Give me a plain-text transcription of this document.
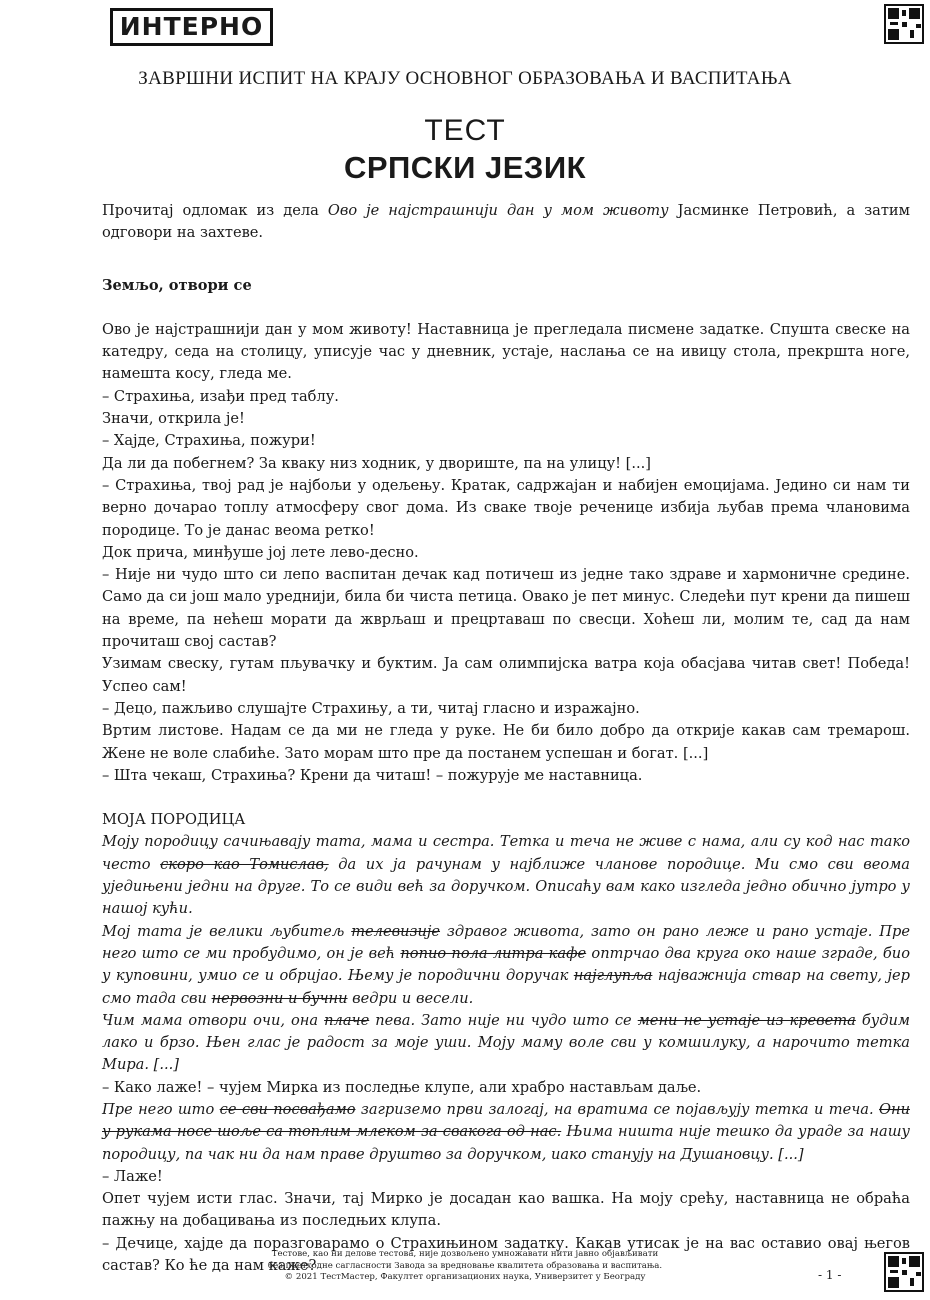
ИНТЕРНО
ЗАВРШНИ ИСПИТ НА КРАЈУ ОСНОВНОГ ОБРАЗОВАЊА И ВАСПИТАЊА
ТЕСТ
СРПСКИ ЈЕЗИК

Прочитај одломак из дела Ово је најстрашнији дан у мом животу Јасминке Петровић, а затим одговори на захтеве.

Земљо, отвори се

Ово је најстрашнији дан у мом животу! Наставница је прегледала писмене задатке. Спушта свеске на катедру, седа на столицу, уписује час у дневник, устаје, наслања се на ивицу стола, прекршта ноге, намешта косу, гледа ме.

– Страхиња, изађи пред таблу.

Значи, открила је!

– Хајде, Страхиња, пожури!

Да ли да побегнем? За кваку низ ходник, у двориште, па на улицу! [...]

– Страхиња, твој рад је најбољи у одељењу. Кратак, садржајан и набијен емоцијама. Једино си нам ти верно дочарао топлу атмосферу свог дома. Из сваке твоје реченице избија љубав према члановима породице. То је данас веома ретко!

Док прича, минђуше јој лете лево-десно.

– Није ни чудо што си лепо васпитан дечак кад потичеш из једне тако здраве и хармоничне средине. Само да си још мало уреднији, била би чиста петица. Овако је пет минус. Следећи пут крени да пишеш на време, па нећеш морати да жврљаш и прецртаваш по свесци. Хоћеш ли, молим те, сад да нам прочиташ свој састав?

Узимам свеску, гутам пљувачку и буктим. Ја сам олимпијска ватра која обасјава читав свет! Победа! Успео сам!

– Децо, пажљиво слушајте Страхињу, а ти, читај гласно и изражајно.

Вртим листове. Надам се да ми не гледа у руке. Не би било добро да открије какав сам тремарош. Жене не воле слабиће. Зато морам што пре да постанем успешан и богат. [...]

– Шта чекаш, Страхиња? Крени да читаш! – пожурује ме наставница.

МОЈА ПОРОДИЦА

Моју породицу сачињавају тата, мама и сестра. Тетка и теча не живе с нама, али су код нас тако често скоро као Томислав, да их ја рачунам у најближе чланове породице. Ми смо сви веома уједињени једни на друге. То се види већ за доручком. Описаћу вам како изгледа једно обично јутро у нашој кући.

Мој тата је велики љубитељ телевизије здравог живота, зато он рано леже и рано устаје. Пре него што се ми пробудимо, он је већ попио пола литра кафе оптрчао два круга око наше зграде, био у куповини, умио се и обријао. Њему је породични доручак најглупља најважнија ствар на свету, јер смо тада сви нервозни и бучни ведри и весели.

Чим мама отвори очи, она плаче пева. Зато није ни чудо што се мени не устаје из кревета будим лако и брзо. Њен глас је радост за моје уши. Моју маму воле сви у комшилуку, а нарочито тетка Мира. [...]

– Како лаже! – чујем Мирка из последње клупе, али храбро настављам даље.

Пре него што се сви посвађамо загриземо први залогај, на вратима се појављују тетка и теча. Они у рукама носе шоље са топлим млеком за свакога од нас. Њима ништа није тешко да ураде за нашу породицу, па чак ни да нам праве друштво за доручком, иако станују на Душановцу. [...]

– Лаже!

Опет чујем исти глас. Значи, тај Мирко је досадан као вашка. На моју срећу, наставница не обраћа пажњу на добацивања из последњих клупа.

– Дечице, хајде да поразговарамо о Страхињином задатку. Какав утисак је на вас оставио овај његов састав? Ко ће да нам каже?

Тестове, као ни делове тестова, није дозвољено умножавати нити јавно објављивати
без претходне сагласности Завода за вредновање квалитета образовања и васпитања.
© 2021 ТестМастер, Факултет организационих наука, Универзитет у Београду	- 1 -
